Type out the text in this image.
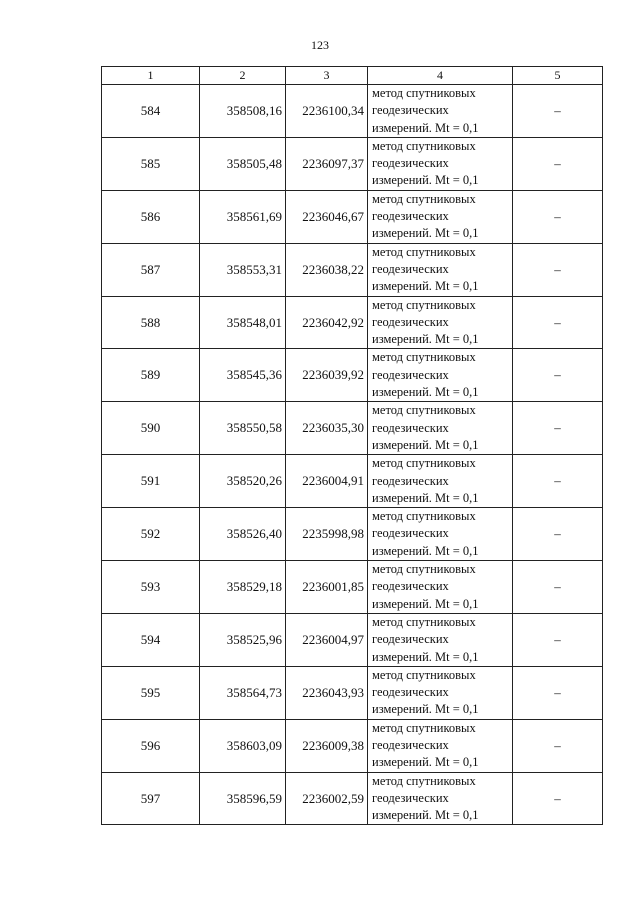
123
1	2	3	4	5
584	358508,16	2236100,34	метод спутниковых
геодезических
измерений. Mt = 0,1	–
585	358505,48	2236097,37	метод спутниковых
геодезических
измерений. Mt = 0,1	–
586	358561,69	2236046,67	метод спутниковых
геодезических
измерений. Mt = 0,1	–
587	358553,31	2236038,22	метод спутниковых
геодезических
измерений. Mt = 0,1	–
588	358548,01	2236042,92	метод спутниковых
геодезических
измерений. Mt = 0,1	–
589	358545,36	2236039,92	метод спутниковых
геодезических
измерений. Mt = 0,1	–
590	358550,58	2236035,30	метод спутниковых
геодезических
измерений. Mt = 0,1	–
591	358520,26	2236004,91	метод спутниковых
геодезических
измерений. Mt = 0,1	–
592	358526,40	2235998,98	метод спутниковых
геодезических
измерений. Mt = 0,1	–
593	358529,18	2236001,85	метод спутниковых
геодезических
измерений. Mt = 0,1	–
594	358525,96	2236004,97	метод спутниковых
геодезических
измерений. Mt = 0,1	–
595	358564,73	2236043,93	метод спутниковых
геодезических
измерений. Mt = 0,1	–
596	358603,09	2236009,38	метод спутниковых
геодезических
измерений. Mt = 0,1	–
597	358596,59	2236002,59	метод спутниковых
геодезических
измерений. Mt = 0,1	–
